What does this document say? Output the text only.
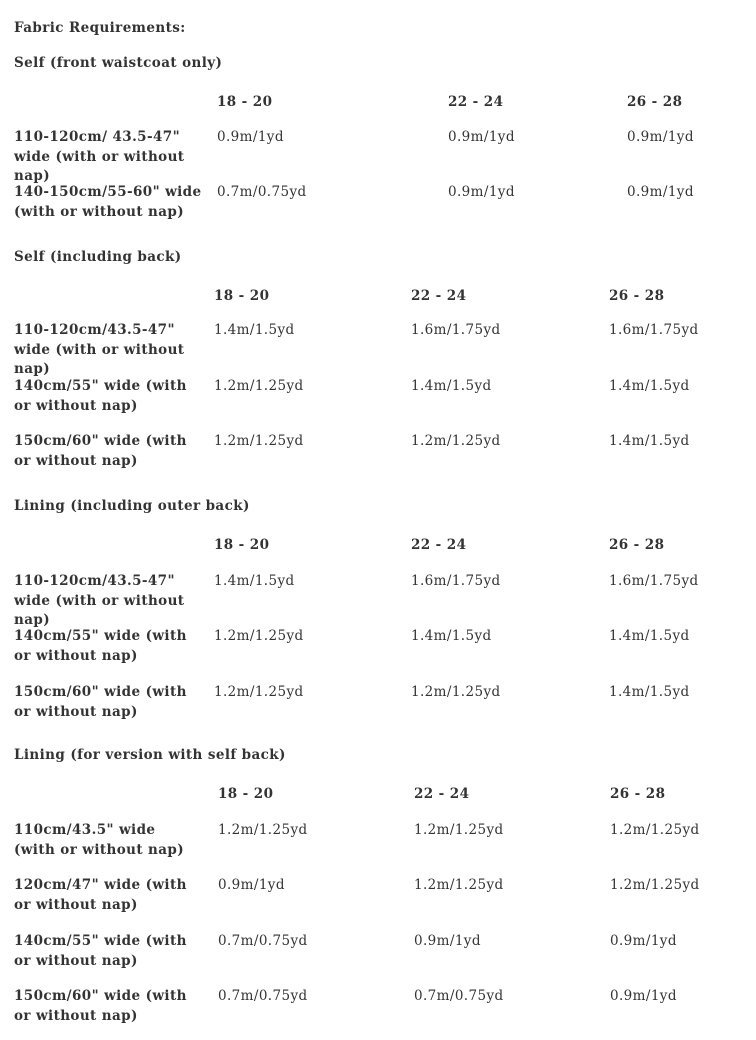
Fabric Requirements:
Self (front waistcoat only)
18 - 20	22 - 24	26 - 28
110-120cm/ 43.5-47" wide (with or without nap)
0.9m/1yd	0.9m/1yd	0.9m/1yd
140-150cm/55-60" wide (with or without nap)
0.7m/0.75yd	0.9m/1yd	0.9m/1yd
Self (including back)
18 - 20	22 - 24	26 - 28
110-120cm/43.5-47" wide (with or without nap)
1.4m/1.5yd	1.6m/1.75yd	1.6m/1.75yd
140cm/55" wide (with or without nap)
1.2m/1.25yd	1.4m/1.5yd	1.4m/1.5yd
150cm/60" wide (with or without nap)
1.2m/1.25yd	1.2m/1.25yd	1.4m/1.5yd
Lining (including outer back)
18 - 20	22 - 24	26 - 28
110-120cm/43.5-47" wide (with or without nap)
1.4m/1.5yd	1.6m/1.75yd	1.6m/1.75yd
140cm/55" wide (with or without nap)
1.2m/1.25yd	1.4m/1.5yd	1.4m/1.5yd
150cm/60" wide (with or without nap)
1.2m/1.25yd	1.2m/1.25yd	1.4m/1.5yd
Lining (for version with self back)
18 - 20	22 - 24	26 - 28
110cm/43.5" wide (with or without nap)
1.2m/1.25yd	1.2m/1.25yd	1.2m/1.25yd
120cm/47" wide (with or without nap)
0.9m/1yd	1.2m/1.25yd	1.2m/1.25yd
140cm/55" wide (with or without nap)
0.7m/0.75yd	0.9m/1yd	0.9m/1yd
150cm/60" wide (with or without nap)
0.7m/0.75yd	0.7m/0.75yd	0.9m/1yd
